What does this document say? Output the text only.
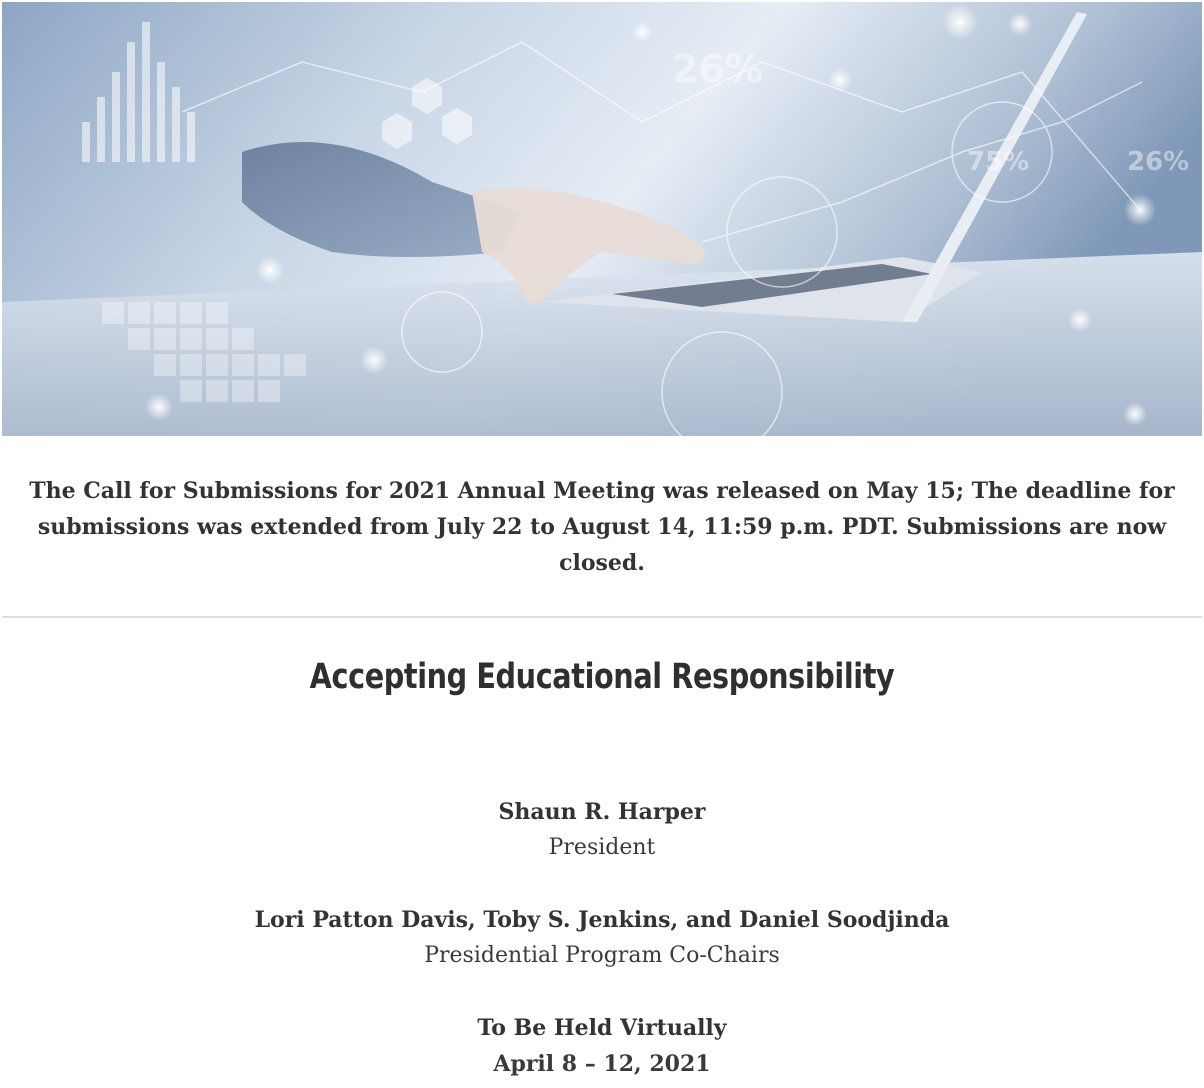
26%
75%	26%

The Call for Submissions for 2021 Annual Meeting was released on May 15; The deadline for submissions was extended from July 22 to August 14, 11:59 p.m. PDT. Submissions are now closed.

Accepting Educational Responsibility
Shaun R. Harper
President
Lori Patton Davis, Toby S. Jenkins, and Daniel Soodjinda
Presidential Program Co-Chairs
To Be Held Virtually
April 8 – 12, 2021
